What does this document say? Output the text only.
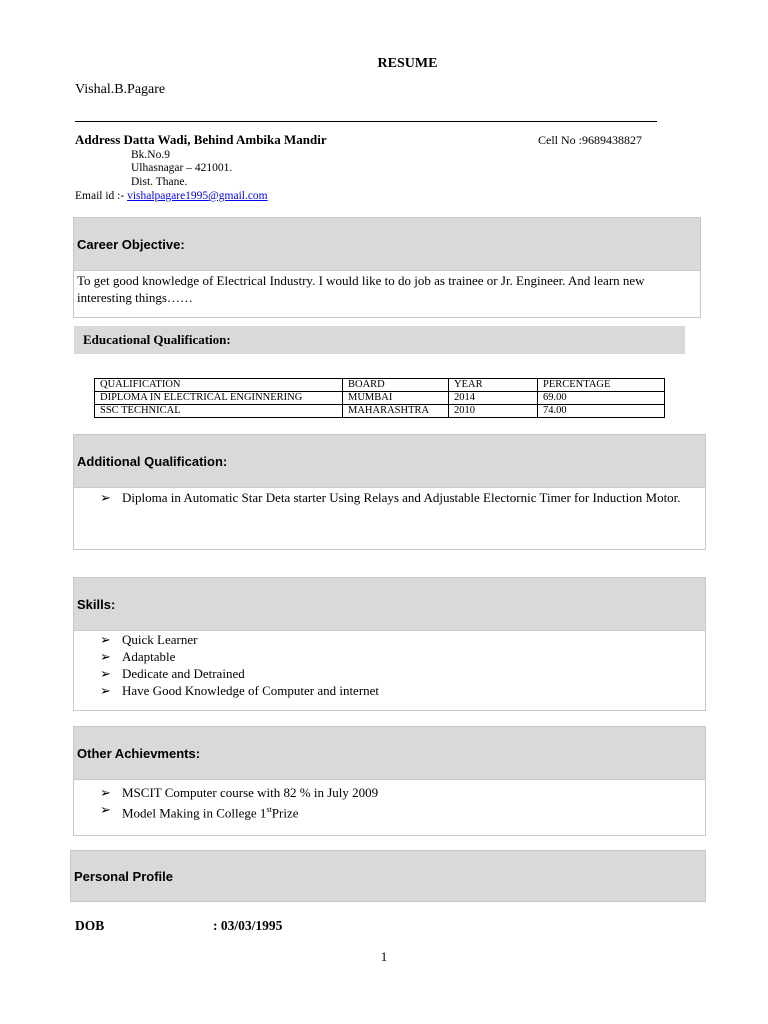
RESUME
Vishal.B.Pagare
Address Datta Wadi, Behind Ambika Mandir	Cell No :9689438827
Bk.No.9
Ulhasnagar – 421001.
Dist. Thane.
Email id :- vishalpagare1995@gmail.com
Career Objective:
To get good knowledge of Electrical Industry. I would like to do job as trainee or Jr. Engineer. And learn new interesting things……
Educational Qualification:
QUALIFICATION	BOARD	YEAR	PERCENTAGE
DIPLOMA IN ELECTRICAL ENGINNERING	MUMBAI	2014	69.00
SSC TECHNICAL	MAHARASHTRA	2010	74.00
Additional Qualification:
➢ Diploma in Automatic Star Deta starter Using Relays and Adjustable Electornic Timer for Induction Motor.
Skills:
➢ Quick Learner
➢ Adaptable
➢ Dedicate and Detrained
➢ Have Good Knowledge of Computer and internet
Other Achievments:
➢ MSCIT Computer course with 82 % in July 2009
➢ Model Making in College 1stPrize
Personal Profile
DOB	: 03/03/1995
1
